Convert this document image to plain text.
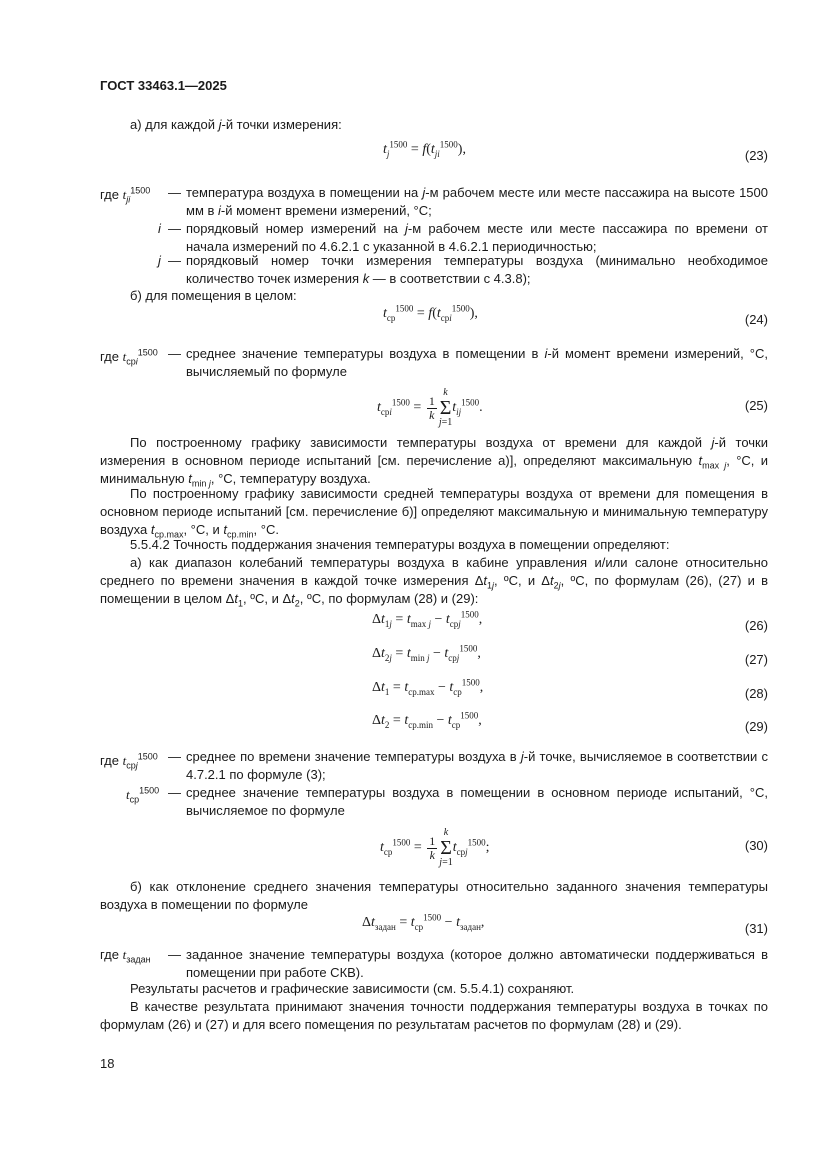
ГОСТ 33463.1—2025
а) для каждой j-й точки измерения:
$t_j^{1500} = f(t_{ji}^{1500})$,	(23)
где $t_{ji}^{1500}$ — температура воздуха в помещении на j-м рабочем месте или месте пассажира на высоте 1500 мм в i-й момент времени измерений, °С;
i — порядковый номер измерений на j-м рабочем месте или месте пассажира по времени от начала измерений по 4.6.2.1 с указанной в 4.6.2.1 периодичностью;
j — порядковый номер точки измерения температуры воздуха (минимально необходимое количество точек измерения k — в соответствии с 4.3.8);
б) для помещения в целом:
$t_{ср}^{1500} = f(t_{срi}^{1500})$,	(24)
где $t_{срi}^{1500}$ — среднее значение температуры воздуха в помещении в i-й момент времени измерений, °С, вычисляемый по формуле
$t_{срi}^{1500} = \frac{1}{k}$
k
Σ
$j=1t_{ij}^{1500}$.	(25)
По построенному графику зависимости температуры воздуха от времени для каждой j-й точки измерения в основном периоде испытаний [см. перечисление а)], определяют максимальную $t_{max j}$, °С, и минимальную $t_{min j}$, °С, температуру воздуха.
По построенному графику зависимости средней температуры воздуха от времени для помещения в основном периоде испытаний [см. перечисление б)] определяют максимальную и минимальную температуру воздуха $t_{ср.max}$, °С, и $t_{ср.min}$, °С.
5.5.4.2 Точность поддержания значения температуры воздуха в помещении определяют:
а) как диапазон колебаний температуры воздуха в кабине управления и/или салоне относительно среднего по времени значения в каждой точке измерения $\Delta t_{1j}$, ºС, и $\Delta t_{2j}$, ºС, по формулам (26), (27) и в помещении в целом $\Delta t_1$, ºС, и $\Delta t_2$, ºС, по формулам (28) и (29):
$\Delta t_{1j} = t_{max j} - t_{срj}^{1500}$,	(26)
$\Delta t_{2j} = t_{min j} - t_{срj}^{1500}$,	(27)
$\Delta t_1 = t_{ср.max} - t_{ср}^{1500}$,	(28)
$\Delta t_2 = t_{ср.min} - t_{ср}^{1500}$,	(29)
где $t_{срj}^{1500}$ — среднее по времени значение температуры воздуха в j-й точке, вычисляемое в соответствии с 4.7.2.1 по формуле (3);
$t_{ср}^{1500}$ — среднее значение температуры воздуха в помещении в основном периоде испытаний, °С, вычисляемое по формуле
$t_{ср}^{1500} = \frac{1}{k}$
k
Σ
$j=1t_{срj}^{1500}$;	(30)
б) как отклонение среднего значения температуры относительно заданного значения температуры воздуха в помещении по формуле
$\Delta t_{задан} = t_{ср}^{1500} - t_{задан}$,	(31)
где $t_{задан}$ — заданное значение температуры воздуха (которое должно автоматически поддерживаться в помещении при работе СКВ).
Результаты расчетов и графические зависимости (см. 5.5.4.1) сохраняют.
В качестве результата принимают значения точности поддержания температуры воздуха в точках по формулам (26) и (27) и для всего помещения по результатам расчетов по формулам (28) и (29).
18
